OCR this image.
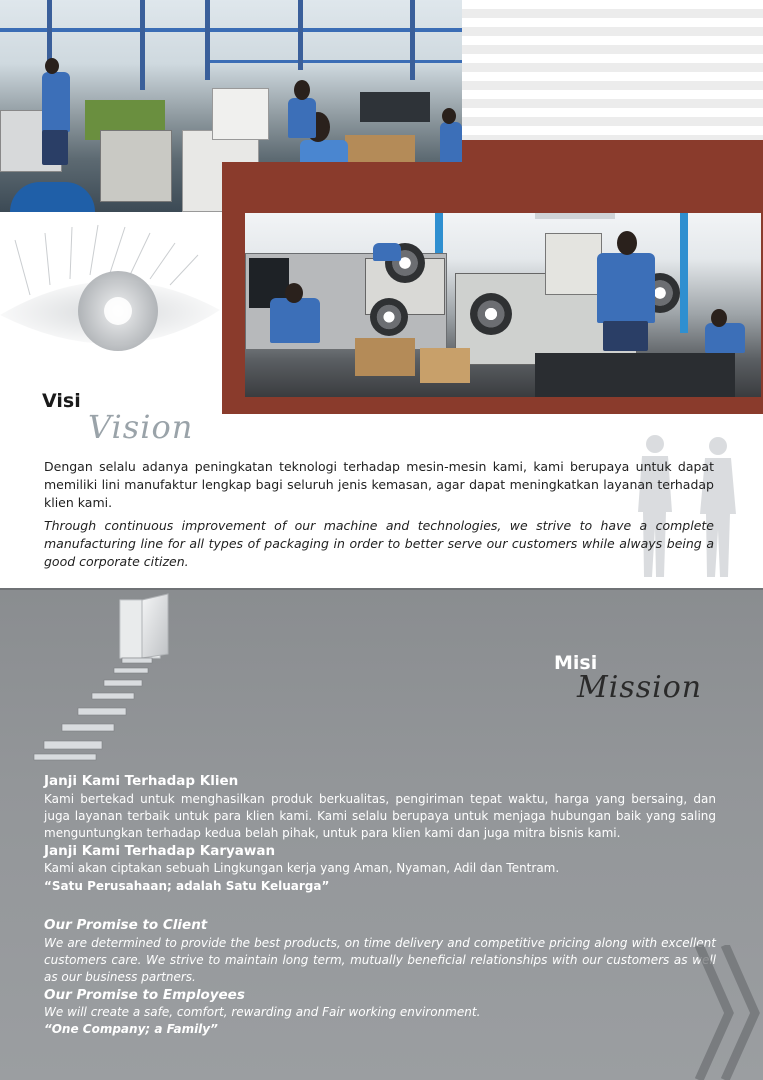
Visi
Vision
Dengan selalu adanya peningkatan teknologi terhadap mesin-mesin kami, kami berupaya untuk dapat memiliki lini manufaktur lengkap bagi seluruh jenis kemasan, agar dapat meningkatkan layanan terhadap klien kami.
Through continuous improvement of our machine and technologies, we strive to have a complete manufacturing line for all types of packaging in order to better serve our customers while always being a good corporate citizen.
Misi
Mission
Janji Kami Terhadap Klien
Kami bertekad untuk menghasilkan produk berkualitas, pengiriman tepat waktu, harga yang bersaing, dan juga layanan terbaik untuk para klien kami. Kami selalu berupaya untuk menjaga hubungan baik yang saling menguntungkan terhadap kedua belah pihak, untuk para klien kami dan juga mitra bisnis kami.
Janji Kami Terhadap Karyawan
Kami akan ciptakan sebuah Lingkungan kerja yang Aman, Nyaman, Adil dan Tentram.
“Satu Perusahaan; adalah Satu Keluarga”
Our Promise to Client
We are determined to provide the best products, on time delivery and competitive pricing along with excellent customers care. We strive to maintain long term, mutually beneficial relationships with our customers as well as our business partners.
Our Promise to Employees
We will create a safe, comfort, rewarding and Fair working environment.
“One Company; a Family”
